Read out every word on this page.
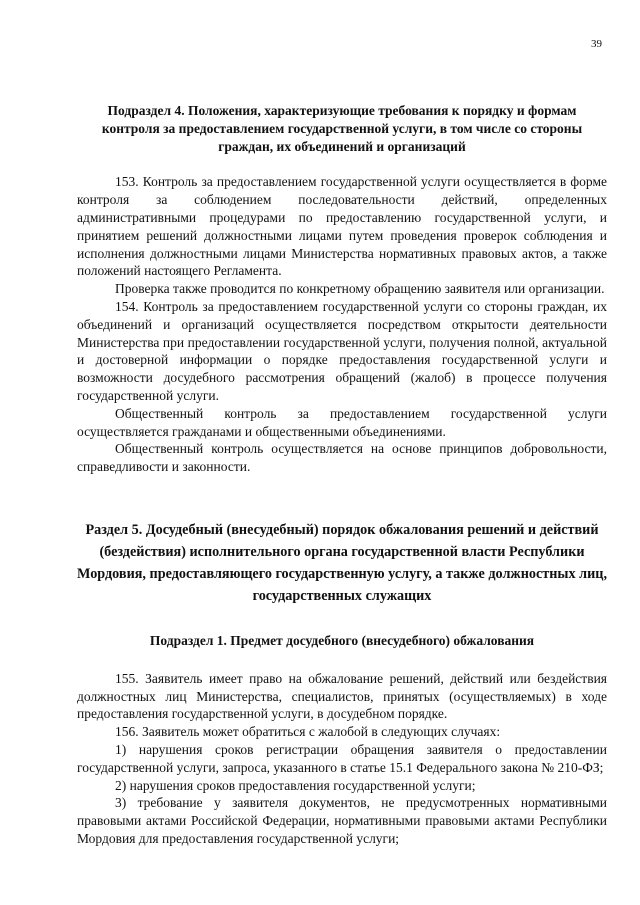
39
Подраздел 4. Положения, характеризующие требования к порядку и формам контроля за предоставлением государственной услуги, в том числе со стороны граждан, их объединений и организаций

153. Контроль за предоставлением государственной услуги осуществляется в форме контроля за соблюдением последовательности действий, определенных административными процедурами по предоставлению государственной услуги, и принятием решений должностными лицами путем проведения проверок соблюдения и исполнения должностными лицами Министерства нормативных правовых актов, а также положений настоящего Регламента.

Проверка также проводится по конкретному обращению заявителя или организации.

154. Контроль за предоставлением государственной услуги со стороны граждан, их объединений и организаций осуществляется посредством открытости деятельности Министерства при предоставлении государственной услуги, получения полной, актуальной и достоверной информации о порядке предоставления государственной услуги и возможности досудебного рассмотрения обращений (жалоб) в процессе получения государственной услуги.

Общественный контроль за предоставлением государственной услуги осуществляется гражданами и общественными объединениями.

Общественный контроль осуществляется на основе принципов добровольности, справедливости и законности.

Раздел 5. Досудебный (внесудебный) порядок обжалования решений и действий (бездействия) исполнительного органа государственной власти Республики Мордовия, предоставляющего государственную услугу, а также должностных лиц, государственных служащих
Подраздел 1. Предмет досудебного (внесудебного) обжалования

155. Заявитель имеет право на обжалование решений, действий или бездействия должностных лиц Министерства, специалистов, принятых (осуществляемых) в ходе предоставления государственной услуги, в досудебном порядке.

156. Заявитель может обратиться с жалобой в следующих случаях:

1) нарушения сроков регистрации обращения заявителя о предоставлении государственной услуги, запроса, указанного в статье 15.1 Федерального закона № 210-ФЗ;

2) нарушения сроков предоставления государственной услуги;

3) требование у заявителя документов, не предусмотренных нормативными правовыми актами Российской Федерации, нормативными правовыми актами Республики Мордовия для предоставления государственной услуги;
